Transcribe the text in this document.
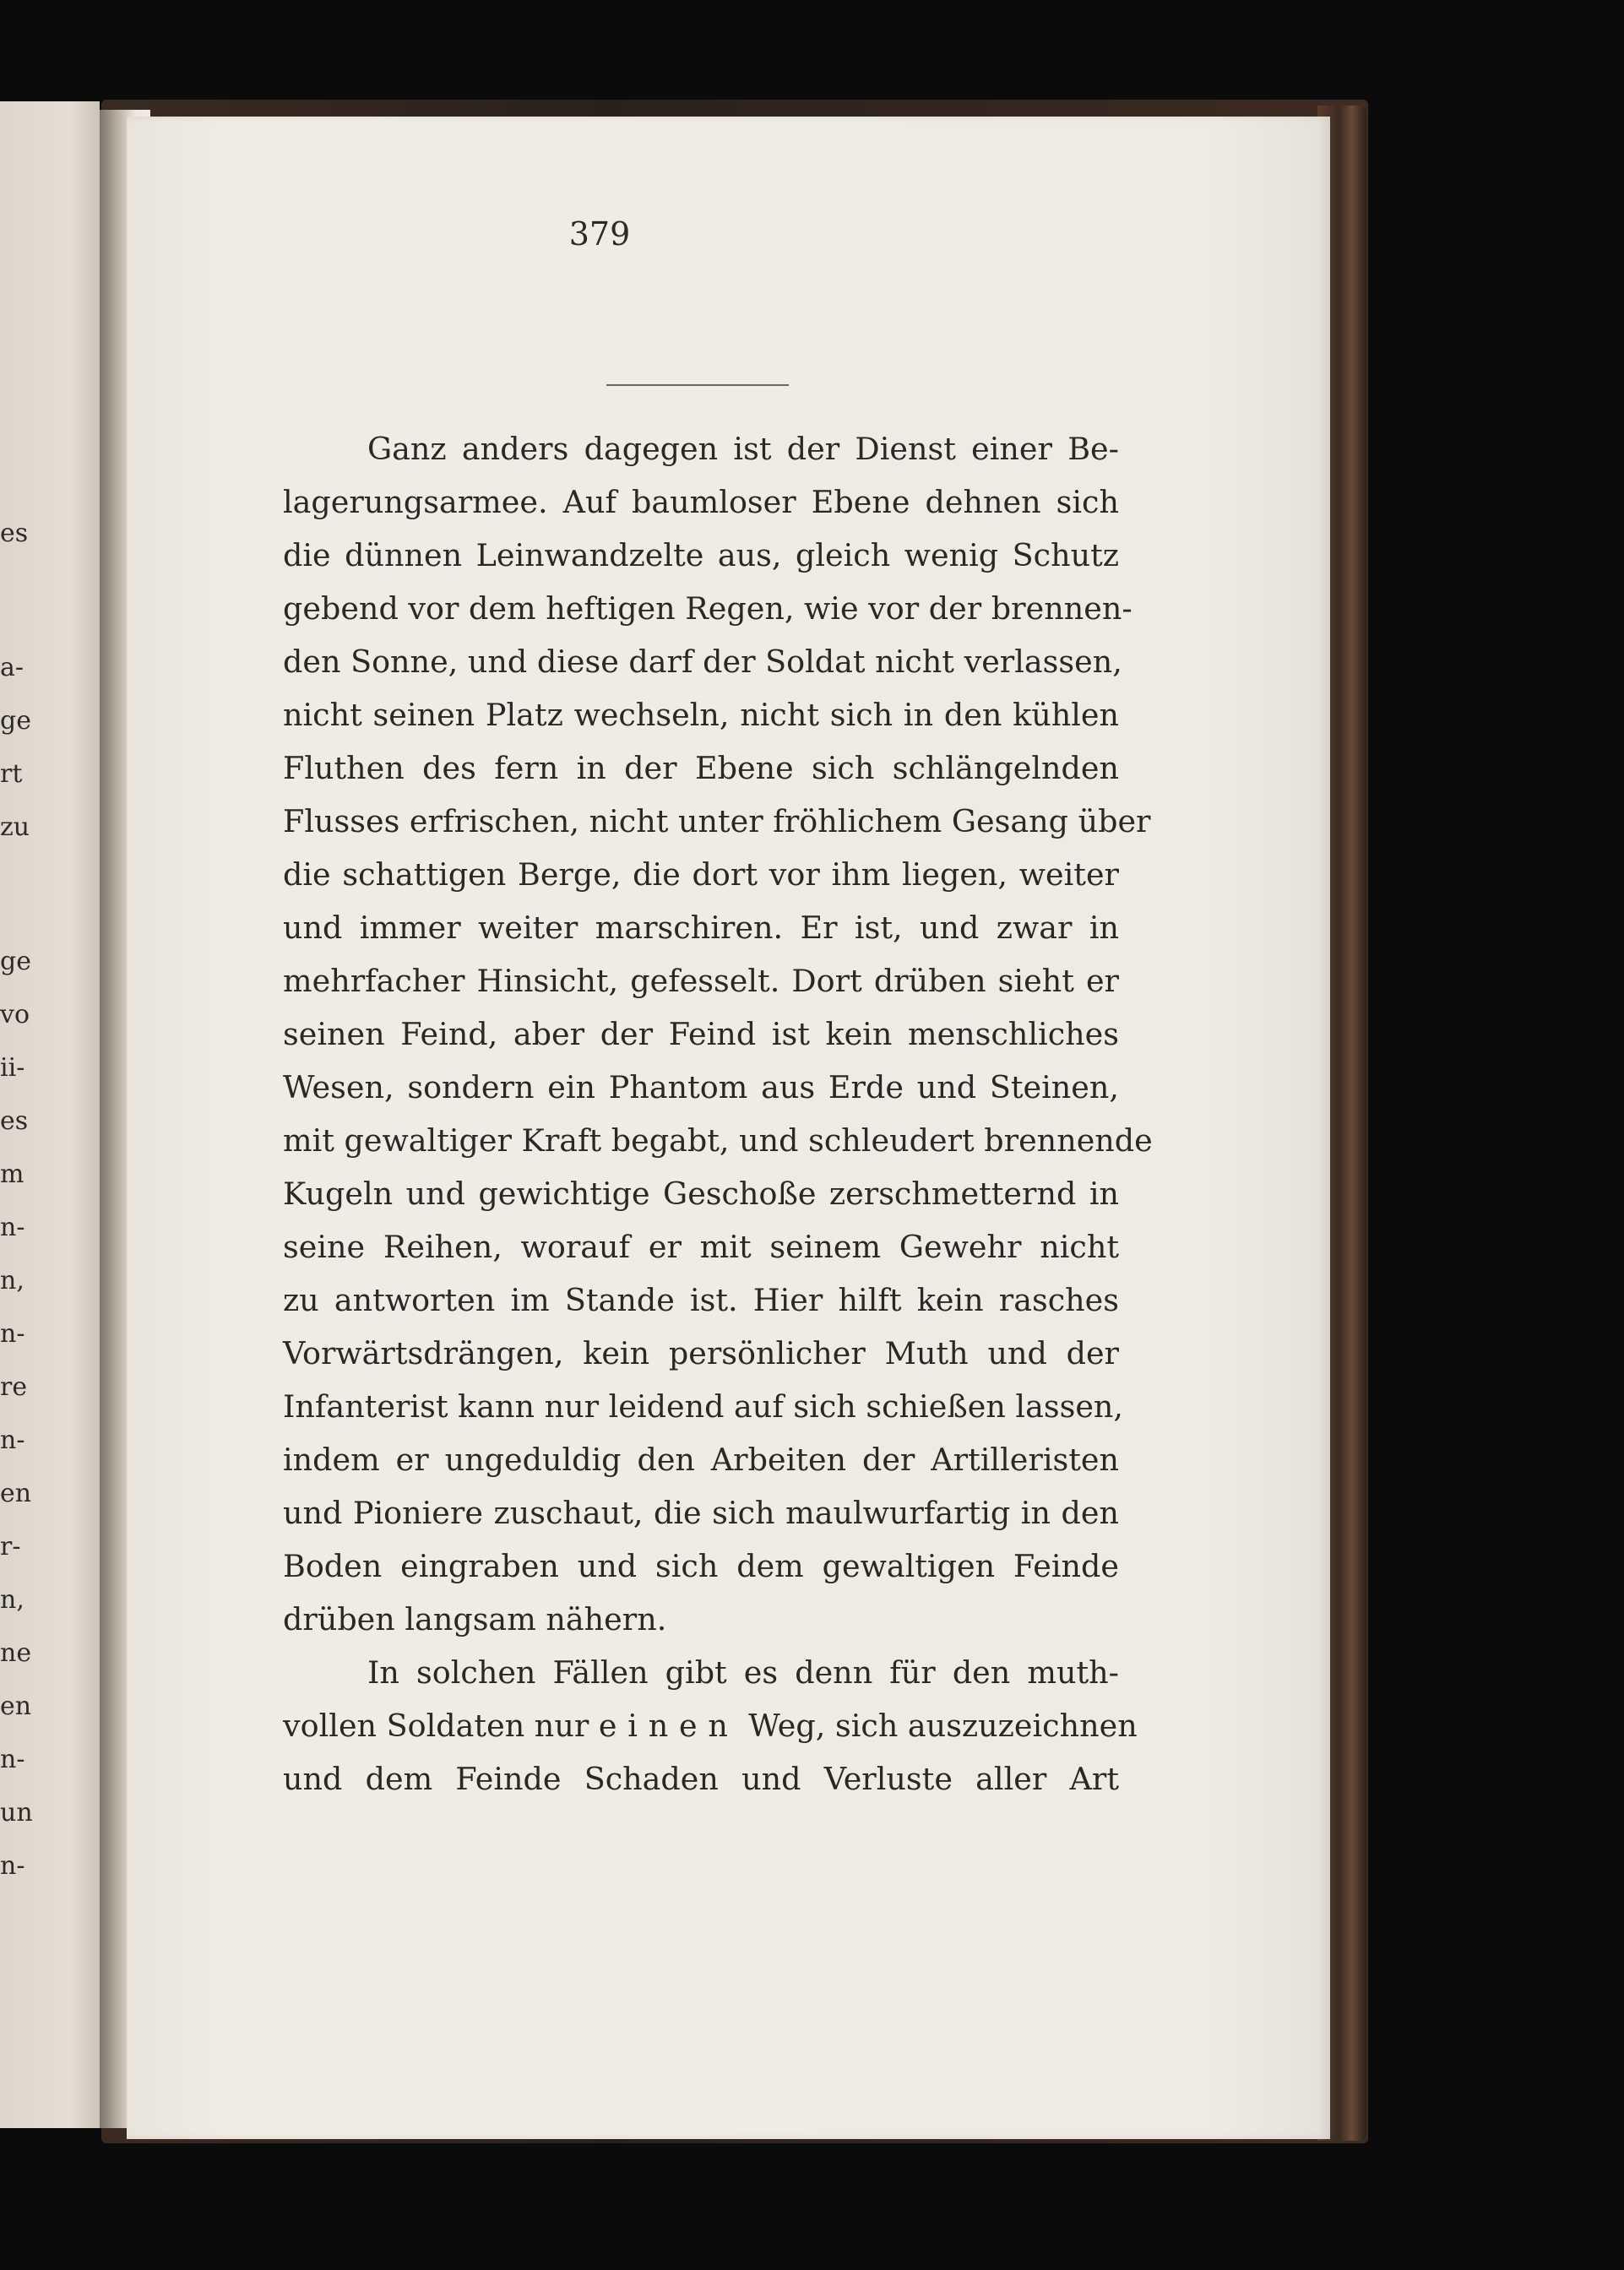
es
a-
ge
rt
zu
ge
vo
ii-
es
m
n-
n,
n-
re
n-
en
r-
n,
ne
en
n-
un
n-
379
Ganz anders dagegen ist der Dienst einer Be-
lagerungsarmee. Auf baumloser Ebene dehnen sich
die dünnen Leinwandzelte aus, gleich wenig Schutz
gebend vor dem heftigen Regen, wie vor der brennen-
den Sonne, und diese darf der Soldat nicht verlassen,
nicht seinen Platz wechseln, nicht sich in den kühlen
Fluthen des fern in der Ebene sich schlängelnden
Flusses erfrischen, nicht unter fröhlichem Gesang über
die schattigen Berge, die dort vor ihm liegen, weiter
und immer weiter marschiren. Er ist, und zwar in
mehrfacher Hinsicht, gefesselt. Dort drüben sieht er
seinen Feind, aber der Feind ist kein menschliches
Wesen, sondern ein Phantom aus Erde und Steinen,
mit gewaltiger Kraft begabt, und schleudert brennende
Kugeln und gewichtige Geschoße zerschmetternd in
seine Reihen, worauf er mit seinem Gewehr nicht
zu antworten im Stande ist. Hier hilft kein rasches
Vorwärtsdrängen, kein persönlicher Muth und der
Infanterist kann nur leidend auf sich schießen lassen,
indem er ungeduldig den Arbeiten der Artilleristen
und Pioniere zuschaut, die sich maulwurfartig in den
Boden eingraben und sich dem gewaltigen Feinde
drüben langsam nähern.
In solchen Fällen gibt es denn für den muth-
vollen Soldaten nur einen Weg, sich auszuzeichnen
und dem Feinde Schaden und Verluste aller Art
